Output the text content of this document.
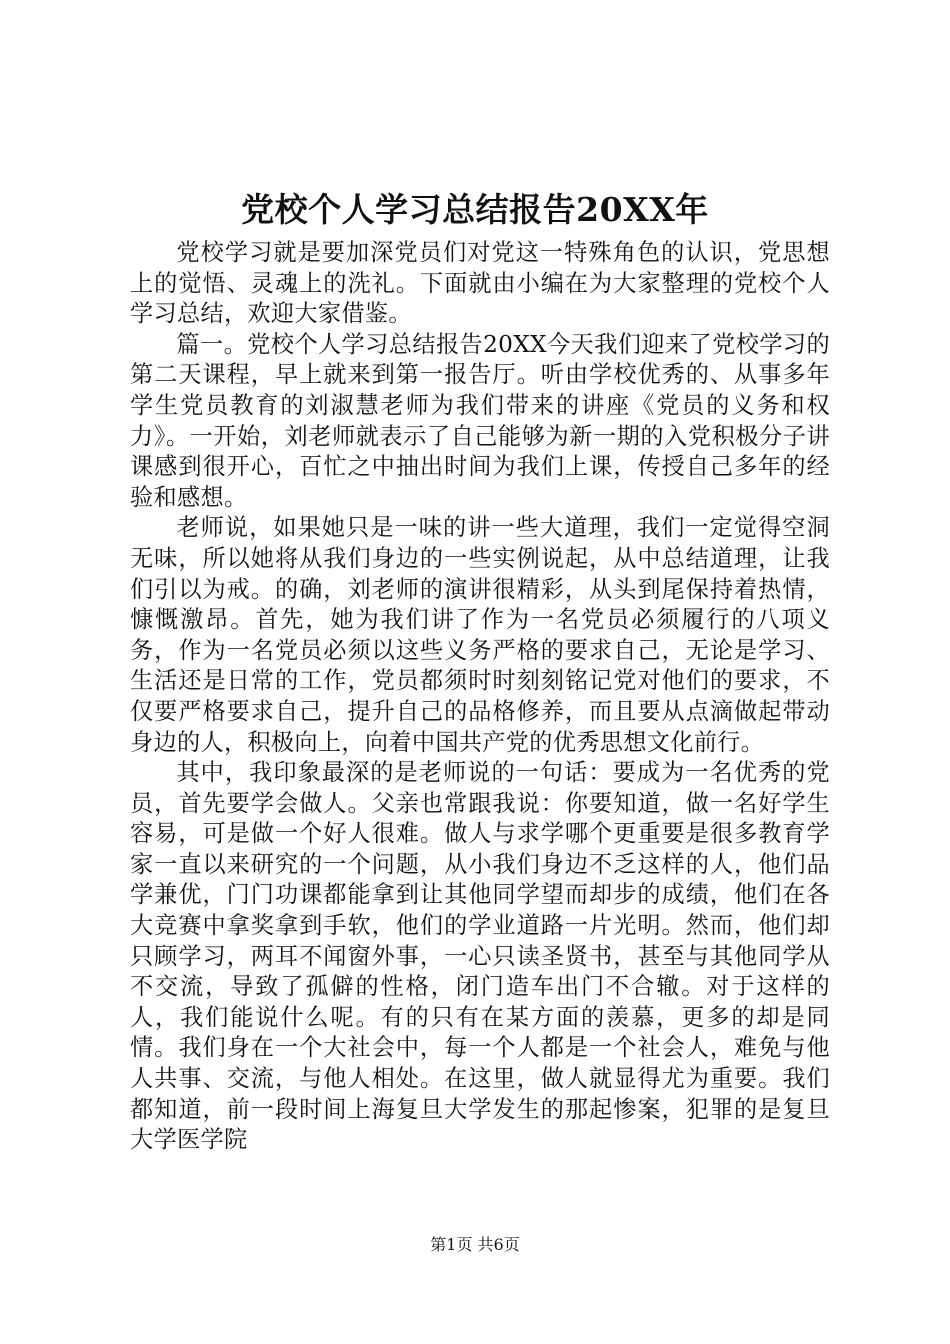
党校个人学习总结报告20XX年

党校学习就是要加深党员们对党这一特殊角色的认识，党思想上的觉悟、灵魂上的洗礼。下面就由小编在为大家整理的党校个人学习总结，欢迎大家借鉴。

篇一。党校个人学习总结报告20XX今天我们迎来了党校学习的第二天课程，早上就来到第一报告厅。听由学校优秀的、从事多年学生党员教育的刘淑慧老师为我们带来的讲座《党员的义务和权力》。一开始，刘老师就表示了自己能够为新一期的入党积极分子讲课感到很开心，百忙之中抽出时间为我们上课，传授自己多年的经验和感想。

老师说，如果她只是一味的讲一些大道理，我们一定觉得空洞无味，所以她将从我们身边的一些实例说起，从中总结道理，让我们引以为戒。的确，刘老师的演讲很精彩，从头到尾保持着热情，慷慨激昂。首先，她为我们讲了作为一名党员必须履行的八项义务，作为一名党员必须以这些义务严格的要求自己，无论是学习、生活还是日常的工作，党员都须时时刻刻铭记党对他们的要求，不仅要严格要求自己，提升自己的品格修养，而且要从点滴做起带动身边的人，积极向上，向着中国共产党的优秀思想文化前行。

其中，我印象最深的是老师说的一句话：要成为一名优秀的党员，首先要学会做人。父亲也常跟我说：你要知道，做一名好学生容易，可是做一个好人很难。做人与求学哪个更重要是很多教育学家一直以来研究的一个问题，从小我们身边不乏这样的人，他们品学兼优，门门功课都能拿到让其他同学望而却步的成绩，他们在各大竞赛中拿奖拿到手软，他们的学业道路一片光明。然而，他们却只顾学习，两耳不闻窗外事，一心只读圣贤书，甚至与其他同学从不交流，导致了孤僻的性格，闭门造车出门不合辙。对于这样的人，我们能说什么呢。有的只有在某方面的羡慕，更多的却是同情。我们身在一个大社会中，每一个人都是一个社会人，难免与他人共事、交流，与他人相处。在这里，做人就显得尤为重要。我们都知道，前一段时间上海复旦大学发生的那起惨案，犯罪的是复旦大学医学院

第1页 共6页
